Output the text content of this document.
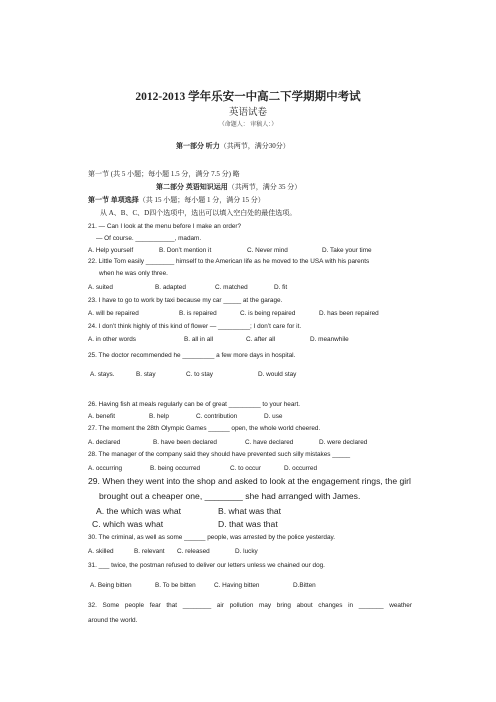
2012-2013 学年乐安一中高二下学期期中考试
英语试卷
（命题人： 审稿人：）
第一部分 听力（共两节，满分30分）
第一节 (共 5 小题；每小题 1.5 分，满分 7.5 分) 略
第二部分 英语知识运用（共两节，满分 35 分）
第一节 单项选择（共 15 小题；每小题 1 分，满分 15 分）
从 A、B、C、D四个选项中，选出可以填入空白处的最佳选项。
21. — Can I look at the menu before I make an order?
— Of course. ___________, madam.
A. Help yourself	B. Don’t mention it	C. Never mind	D. Take your time
22. Little Tom easily ________ himself to the American life as he moved to the USA with his parents
when he was only three.
A. suited	B. adapted	C. matched	D. fit
23. I have to go to work by taxi because my car _____ at the garage.
A. will be repaired	B. is repaired	C. is being repaired	D. has been repaired
24. I don’t think highly of this kind of flower — _________; I don’t care for it.
A. in other words	B. all in all	C. after all	D. meanwhile
25. The doctor recommended he _________ a few more days in hospital.
A. stays.	B. stay	C. to stay	D. would stay
26. Having fish at meals regularly can be of great _________ to your heart.
A. benefit	B. help	C. contribution	D. use
27. The moment the 28th Olympic Games ______ open, the whole world cheered.
A. declared	B. have been declared	C. have declared	D. were declared
28. The manager of the company said they should have prevented such silly mistakes _____
A. occurring	B. being occurred	C. to occur	D. occurred
29. When they went into the shop and asked to look at the engagement rings, the girl
brought out a cheaper one, ________ she had arranged with James.
A. the which was what	B. what was that
C. which was what	D. that was that
30. The criminal, as well as some ______ people, was arrested by the police yesterday.
A. skilled	B. relevant C. released	D. lucky
31. ___ twice, the postman refused to deliver our letters unless we chained our dog.
A. Being bitten	B. To be bitten	C. Having bitten	D.Bitten
32. Some people fear that ________ air pollution may bring about changes in _______ weather
around the world.
